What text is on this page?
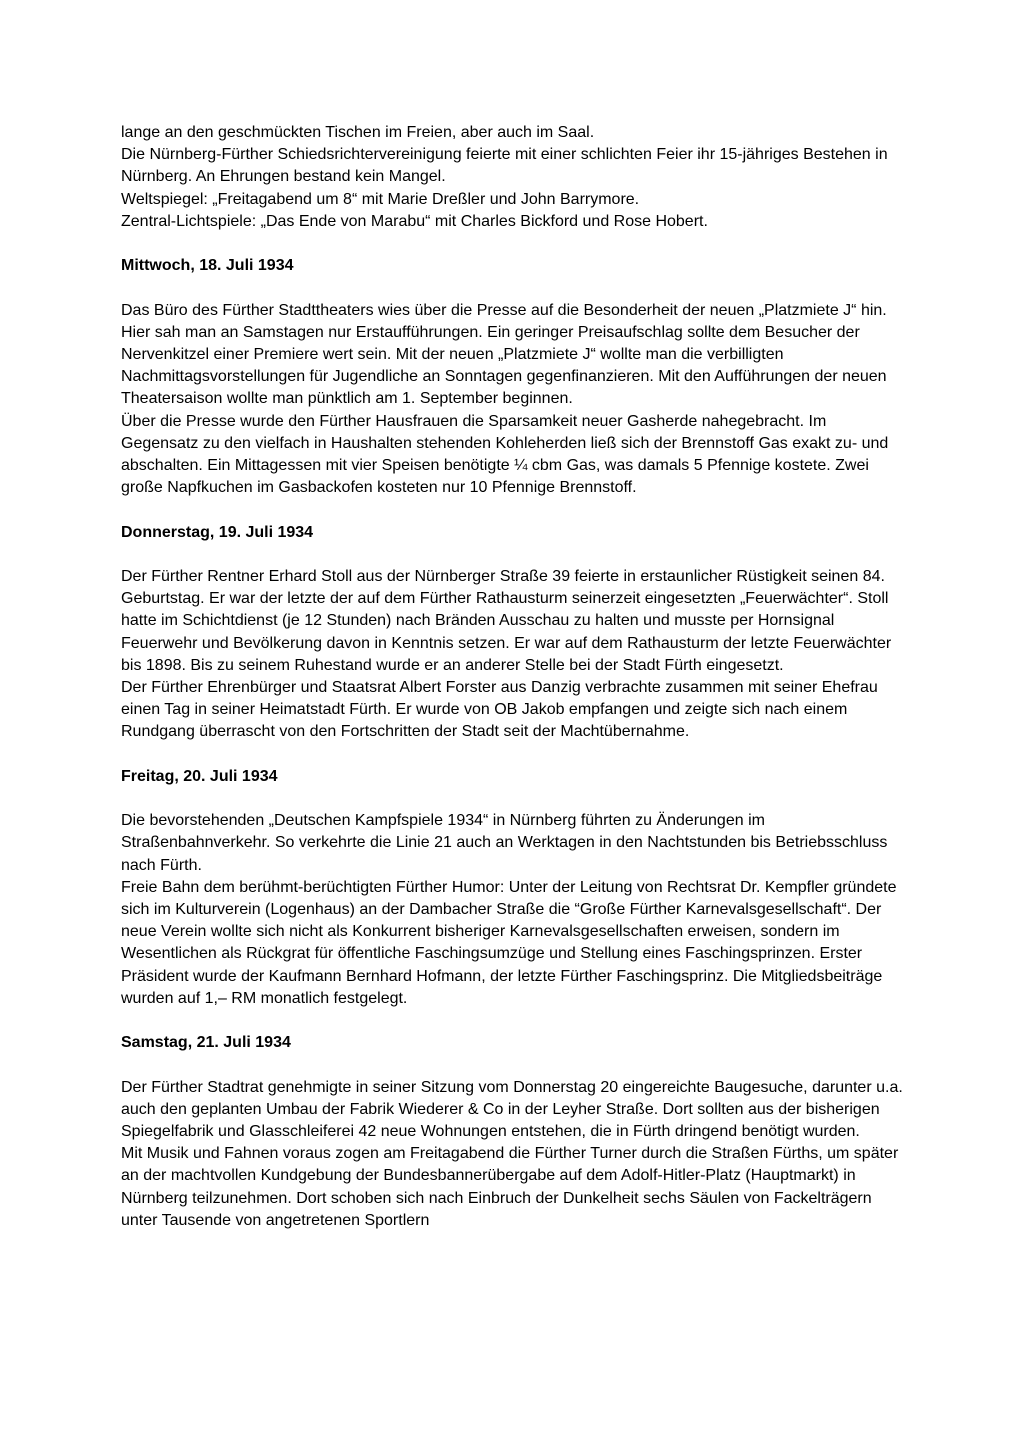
lange an den geschmückten Tischen im Freien, aber auch im Saal.
Die Nürnberg-Fürther Schiedsrichtervereinigung feierte mit einer schlichten Feier ihr 15-jähriges Bestehen in Nürnberg. An Ehrungen bestand kein Mangel.
Weltspiegel: „Freitagabend um 8“ mit Marie Dreßler und John Barrymore.
Zentral-Lichtspiele: „Das Ende von Marabu“ mit Charles Bickford und Rose Hobert.
Mittwoch, 18. Juli 1934
Das Büro des Fürther Stadttheaters wies über die Presse auf die Besonderheit der neuen „Platzmiete J“ hin. Hier sah man an Samstagen nur Erstaufführungen. Ein geringer Preisaufschlag sollte dem Besucher der Nervenkitzel einer Premiere wert sein. Mit der neuen „Platzmiete J“ wollte man die verbilligten Nachmittagsvorstellungen für Jugendliche an Sonntagen gegenfinanzieren. Mit den Aufführungen der neuen Theatersaison wollte man pünktlich am 1. September beginnen.
Über die Presse wurde den Fürther Hausfrauen die Sparsamkeit neuer Gasherde nahegebracht. Im Gegensatz zu den vielfach in Haushalten stehenden Kohleherden ließ sich der Brennstoff Gas exakt zu- und abschalten. Ein Mittagessen mit vier Speisen benötigte ¼ cbm Gas, was damals 5 Pfennige kostete. Zwei große Napfkuchen im Gasbackofen kosteten nur 10 Pfennige Brennstoff.
Donnerstag, 19. Juli 1934
Der Fürther Rentner Erhard Stoll aus der Nürnberger Straße 39 feierte in erstaunlicher Rüstigkeit seinen 84. Geburtstag. Er war der letzte der auf dem Fürther Rathausturm seinerzeit eingesetzten „Feuerwächter“. Stoll hatte im Schichtdienst (je 12 Stunden) nach Bränden Ausschau zu halten und musste per Hornsignal Feuerwehr und Bevölkerung davon in Kenntnis setzen. Er war auf dem Rathausturm der letzte Feuerwächter bis 1898. Bis zu seinem Ruhestand wurde er an anderer Stelle bei der Stadt Fürth eingesetzt.
Der Fürther Ehrenbürger und Staatsrat Albert Forster aus Danzig verbrachte zusammen mit seiner Ehefrau einen Tag in seiner Heimatstadt Fürth. Er wurde von OB Jakob empfangen und zeigte sich nach einem Rundgang überrascht von den Fortschritten der Stadt seit der Machtübernahme.
Freitag, 20. Juli 1934
Die bevorstehenden „Deutschen Kampfspiele 1934“ in Nürnberg führten zu Änderungen im Straßenbahnverkehr. So verkehrte die Linie 21 auch an Werktagen in den Nachtstunden bis Betriebsschluss nach Fürth.
Freie Bahn dem berühmt-berüchtigten Fürther Humor: Unter der Leitung von Rechtsrat Dr. Kempfler gründete sich im Kulturverein (Logenhaus) an der Dambacher Straße die “Große Fürther Karnevalsgesellschaft“. Der neue Verein wollte sich nicht als Konkurrent bisheriger Karnevalsgesellschaften erweisen, sondern im Wesentlichen als Rückgrat für öffentliche Faschingsumzüge und Stellung eines Faschingsprinzen. Erster Präsident wurde der Kaufmann Bernhard Hofmann, der letzte Fürther Faschingsprinz. Die Mitgliedsbeiträge wurden auf 1,– RM monatlich festgelegt.
Samstag, 21. Juli 1934
Der Fürther Stadtrat genehmigte in seiner Sitzung vom Donnerstag 20 eingereichte Baugesuche, darunter u.a. auch den geplanten Umbau der Fabrik Wiederer & Co in der Leyher Straße. Dort sollten aus der bisherigen Spiegelfabrik und Glasschleiferei 42 neue Wohnungen entstehen, die in Fürth dringend benötigt wurden.
Mit Musik und Fahnen voraus zogen am Freitagabend die Fürther Turner durch die Straßen Fürths, um später an der machtvollen Kundgebung der Bundesbannerübergabe auf dem Adolf-Hitler-Platz (Hauptmarkt) in Nürnberg teilzunehmen. Dort schoben sich nach Einbruch der Dunkelheit sechs Säulen von Fackelträgern unter Tausende von angetretenen Sportlern
